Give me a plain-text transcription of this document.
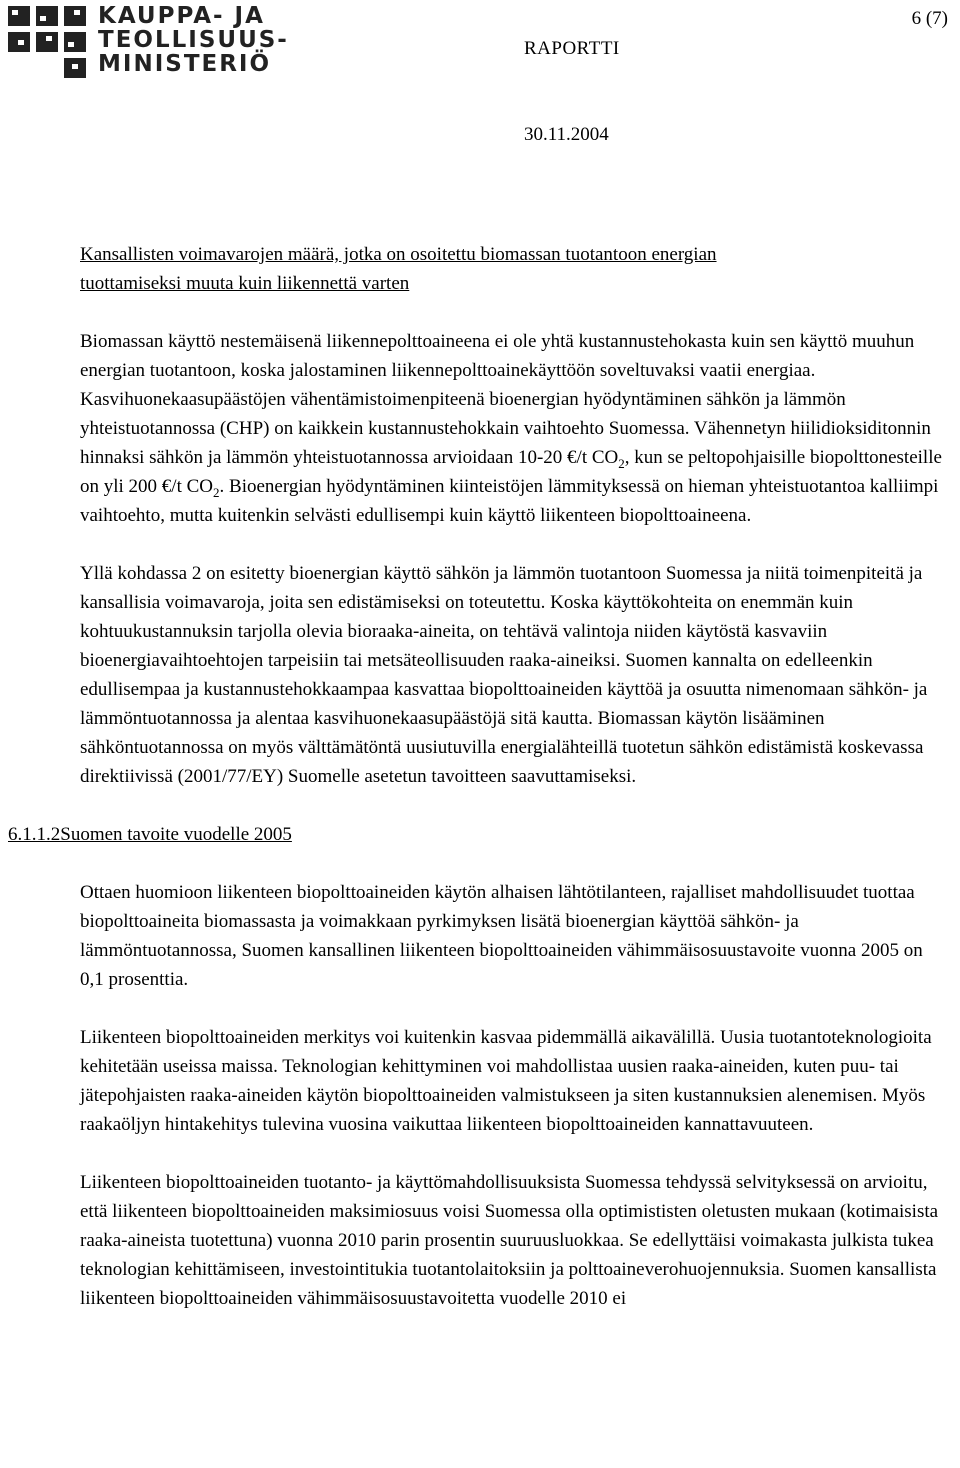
KAUPPA- JA
TEOLLISUUS-
MINISTERIÖ
6 (7)
RAPORTTI
30.11.2004

Kansallisten voimavarojen määrä, jotka on osoitettu biomassan tuotantoon energian
tuottamiseksi muuta kuin liikennettä varten

Biomassan käyttö nestemäisenä liikennepolttoaineena ei ole yhtä kustannustehokasta kuin sen käyttö muuhun energian tuotantoon, koska jalostaminen liikennepolttoainekäyttöön soveltuvaksi vaatii energiaa. Kasvihuonekaasupäästöjen vähentämistoimenpiteenä bioenergian hyödyntäminen sähkön ja lämmön yhteistuotannossa (CHP) on kaikkein kustannustehokkain vaihtoehto Suomessa. Vähennetyn hiilidioksiditonnin hinnaksi sähkön ja lämmön yhteistuotannossa arvioidaan 10-20 €/t $CO_2$, kun se peltopohjaisille biopolttonesteille on yli 200 €/t $CO_2$. Bioenergian hyödyntäminen kiinteistöjen lämmityksessä on hieman yhteistuotantoa kalliimpi vaihtoehto, mutta kuitenkin selvästi edullisempi kuin käyttö liikenteen biopolttoaineena.

Yllä kohdassa 2 on esitetty bioenergian käyttö sähkön ja lämmön tuotantoon Suomessa ja niitä toimenpiteitä ja kansallisia voimavaroja, joita sen edistämiseksi on toteutettu. Koska käyttökohteita on enemmän kuin kohtuukustannuksin tarjolla olevia bioraaka-aineita, on tehtävä valintoja niiden käytöstä kasvaviin bioenergiavaihtoehtojen tarpeisiin tai metsäteollisuuden raaka-aineiksi. Suomen kannalta on edelleenkin edullisempaa ja kustannustehokkaampaa kasvattaa biopolttoaineiden käyttöä ja osuutta nimenomaan sähkön- ja lämmöntuotannossa ja alentaa kasvihuonekaasupäästöjä sitä kautta. Biomassan käytön lisääminen sähköntuotannossa on myös välttämätöntä uusiutuvilla energialähteillä tuotetun sähkön edistämistä koskevassa direktiivissä (2001/77/EY) Suomelle asetetun tavoitteen saavuttamiseksi.

6.1.1.2Suomen tavoite vuodelle 2005

Ottaen huomioon liikenteen biopolttoaineiden käytön alhaisen lähtötilanteen, rajalliset mahdollisuudet tuottaa biopolttoaineita biomassasta ja voimakkaan pyrkimyksen lisätä bioenergian käyttöä sähkön- ja lämmöntuotannossa, Suomen kansallinen liikenteen biopolttoaineiden vähimmäisosuustavoite vuonna 2005 on 0,1 prosenttia.

Liikenteen biopolttoaineiden merkitys voi kuitenkin kasvaa pidemmällä aikavälillä. Uusia tuotantoteknologioita kehitetään useissa maissa. Teknologian kehittyminen voi mahdollistaa uusien raaka-aineiden, kuten puu- tai jätepohjaisten raaka-aineiden käytön biopolttoaineiden valmistukseen ja siten kustannuksien alenemisen. Myös raakaöljyn hintakehitys tulevina vuosina vaikuttaa liikenteen biopolttoaineiden kannattavuuteen.

Liikenteen biopolttoaineiden tuotanto- ja käyttömahdollisuuksista Suomessa tehdyssä selvityksessä on arvioitu, että liikenteen biopolttoaineiden maksimiosuus voisi Suomessa olla optimististen oletusten mukaan (kotimaisista raaka-aineista tuotettuna) vuonna 2010 parin prosentin suuruusluokkaa. Se edellyttäisi voimakasta julkista tukea teknologian kehittämiseen, investointitukia tuotantolaitoksiin ja polttoaineverohuojennuksia. Suomen kansallista liikenteen biopolttoaineiden vähimmäisosuustavoitetta vuodelle 2010 ei
